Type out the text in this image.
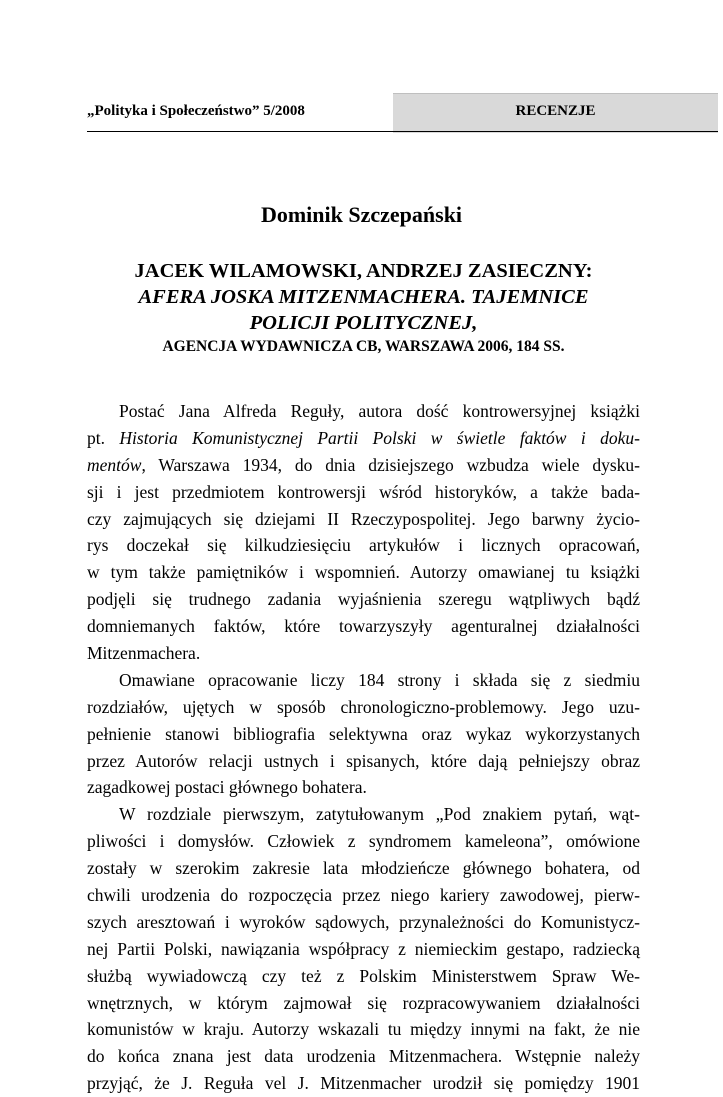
„Polityka i Społeczeństwo” 5/2008	RECENZJE
Dominik Szczepański
JACEK WILAMOWSKI, ANDRZEJ ZASIECZNY:
AFERA JOSKA MITZENMACHERA. TAJEMNICE
POLICJI POLITYCZNEJ,
AGENCJA WYDAWNICZA CB, WARSZAWA 2006, 184 SS.
Postać Jana Alfreda Reguły, autora dość kontrowersyjnej książki
pt. Historia Komunistycznej Partii Polski w świetle faktów i doku-
mentów, Warszawa 1934, do dnia dzisiejszego wzbudza wiele dysku-
sji i jest przedmiotem kontrowersji wśród historyków, a także bada-
czy zajmujących się dziejami II Rzeczypospolitej. Jego barwny życio-
rys doczekał się kilkudziesięciu artykułów i licznych opracowań,
w tym także pamiętników i wspomnień. Autorzy omawianej tu książki
podjęli się trudnego zadania wyjaśnienia szeregu wątpliwych bądź
domniemanych faktów, które towarzyszyły agenturalnej działalności
Mitzenmachera.
Omawiane opracowanie liczy 184 strony i składa się z siedmiu
rozdziałów, ujętych w sposób chronologiczno-problemowy. Jego uzu-
pełnienie stanowi bibliografia selektywna oraz wykaz wykorzystanych
przez Autorów relacji ustnych i spisanych, które dają pełniejszy obraz
zagadkowej postaci głównego bohatera.
W rozdziale pierwszym, zatytułowanym „Pod znakiem pytań, wąt-
pliwości i domysłów. Człowiek z syndromem kameleona”, omówione
zostały w szerokim zakresie lata młodzieńcze głównego bohatera, od
chwili urodzenia do rozpoczęcia przez niego kariery zawodowej, pierw-
szych aresztowań i wyroków sądowych, przynależności do Komunistycz-
nej Partii Polski, nawiązania współpracy z niemieckim gestapo, radziecką
służbą wywiadowczą czy też z Polskim Ministerstwem Spraw We-
wnętrznych, w którym zajmował się rozpracowywaniem działalności
komunistów w kraju. Autorzy wskazali tu między innymi na fakt, że nie
do końca znana jest data urodzenia Mitzenmachera. Wstępnie należy
przyjąć, że J. Reguła vel J. Mitzenmacher urodził się pomiędzy 1901
